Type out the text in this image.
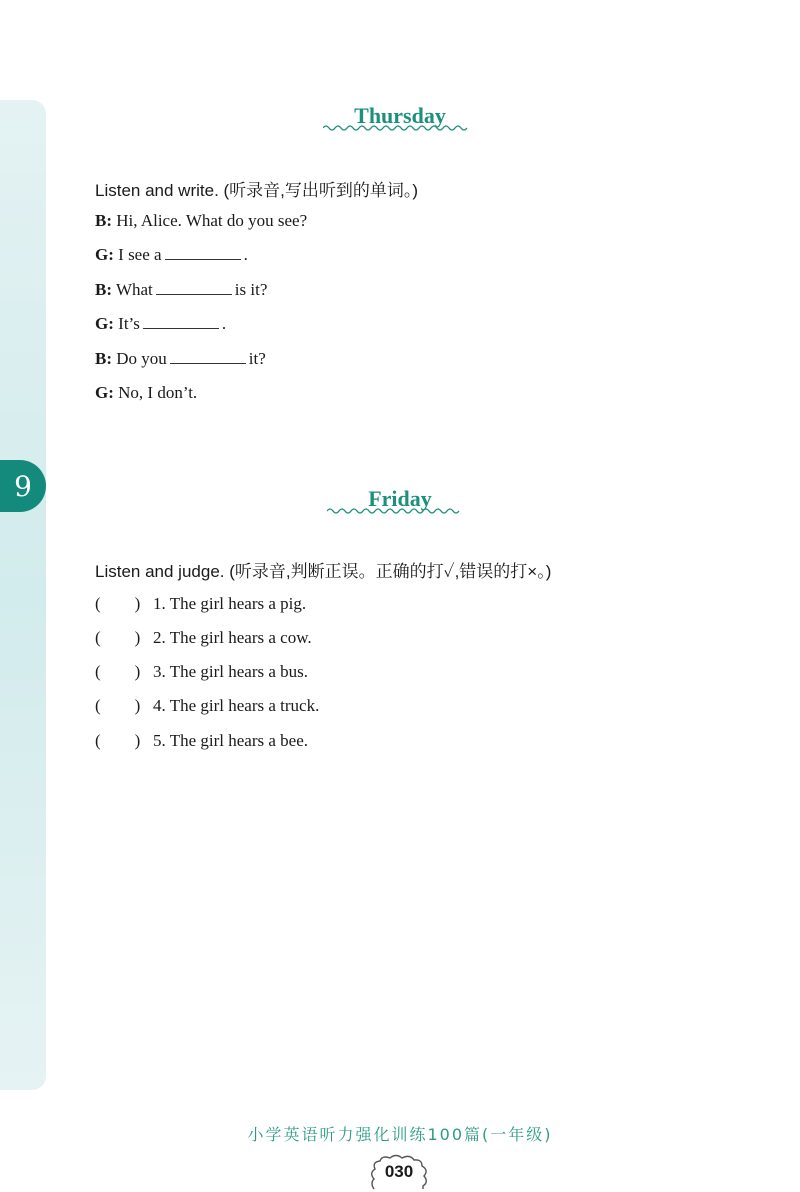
9
Thursday
Listen and write. (听录音,写出听到的单词。)
B: Hi, Alice. What do you see?
G: I see a	.
B: What	is it?
G: It’s	.
B: Do you	it?
G: No, I don’t.
Friday
Listen and judge. (听录音,判断正误。正确的打✓,错误的打×。)
(        ) 1. The girl hears a pig.
(        ) 2. The girl hears a cow.
(        ) 3. The girl hears a bus.
(        ) 4. The girl hears a truck.
(        ) 5. The girl hears a bee.
小学英语听力强化训练100篇(一年级)
030
